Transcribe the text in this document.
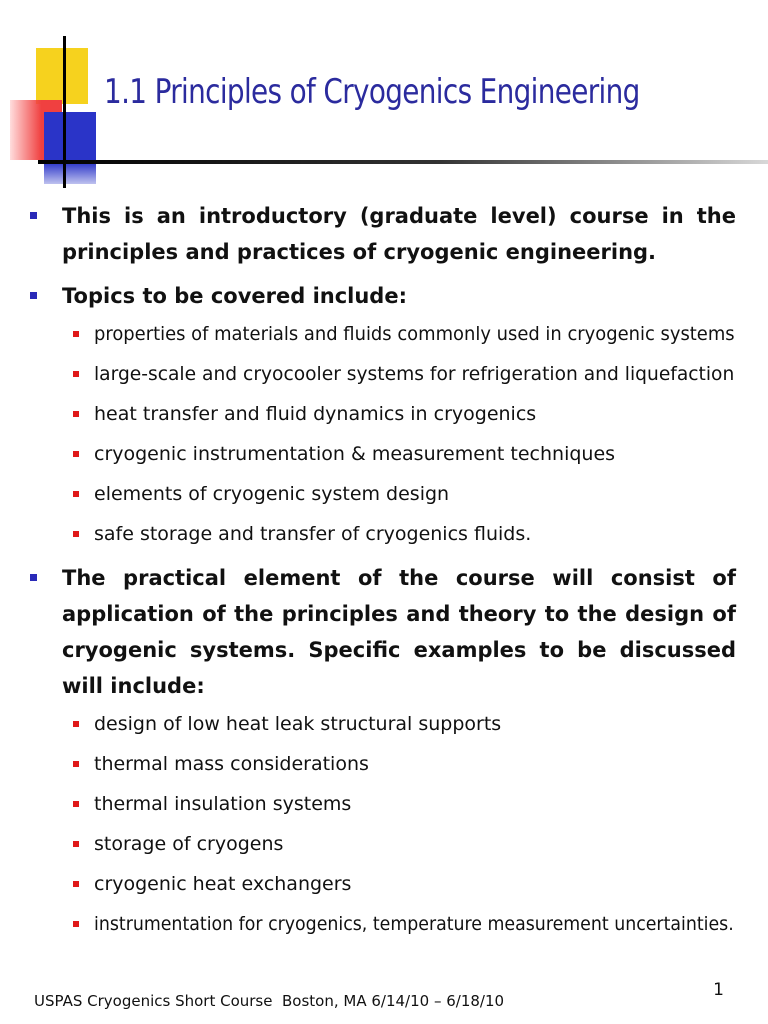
1.1 Principles of Cryogenics Engineering
This is an introductory (graduate level) course in the principles and practices of cryogenic engineering.
Topics to be covered include:
properties of materials and fluids commonly used in cryogenic systems
large-scale and cryocooler systems for refrigeration and liquefaction
heat transfer and fluid dynamics in cryogenics
cryogenic instrumentation & measurement techniques
elements of cryogenic system design
safe storage and transfer of cryogenics fluids.
The practical element of the course will consist of application of the principles and theory to the design of cryogenic systems. Specific examples to be discussed will include:
design of low heat leak structural supports
thermal mass considerations
thermal insulation systems
storage of cryogens
cryogenic heat exchangers
instrumentation for cryogenics, temperature measurement uncertainties.
USPAS Cryogenics Short Course Boston, MA 6/14/10 – 6/18/10
1
